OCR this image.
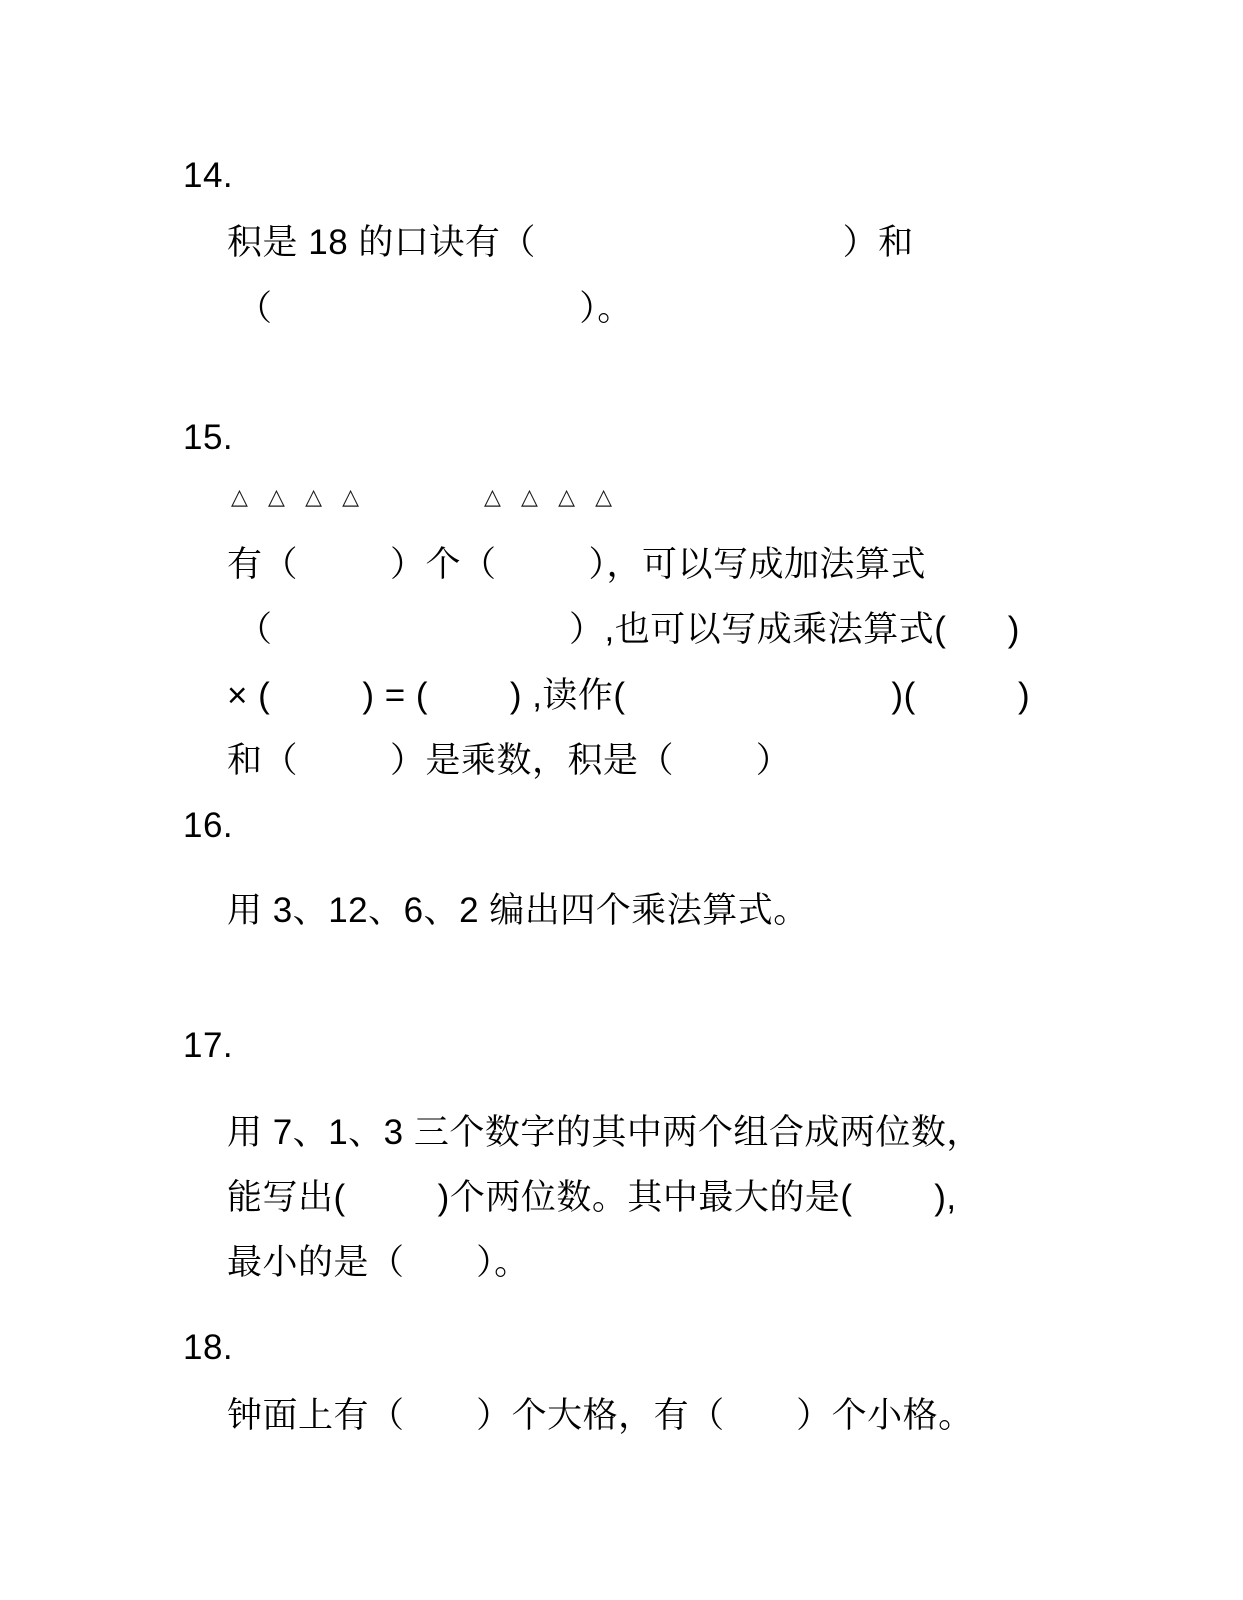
14.
积是 18 的口诀有（                              ）和
（                              ）。
15.
△ △ △ △         △ △ △ △
有（         ）个（         ），可以写成加法算式
（                             ）,也可以写成乘法算式(      )
× (         ) = (        ) ,读作(                          )(          )
和（         ）是乘数，积是（        ）
16.
用 3、12、6、2 编出四个乘法算式。
17.
用 7、1、3 三个数字的其中两个组合成两位数，
能写出(         )个两位数。其中最大的是(        ),
最小的是（       ）。
18.
钟面上有（       ）个大格，有（       ）个小格。
